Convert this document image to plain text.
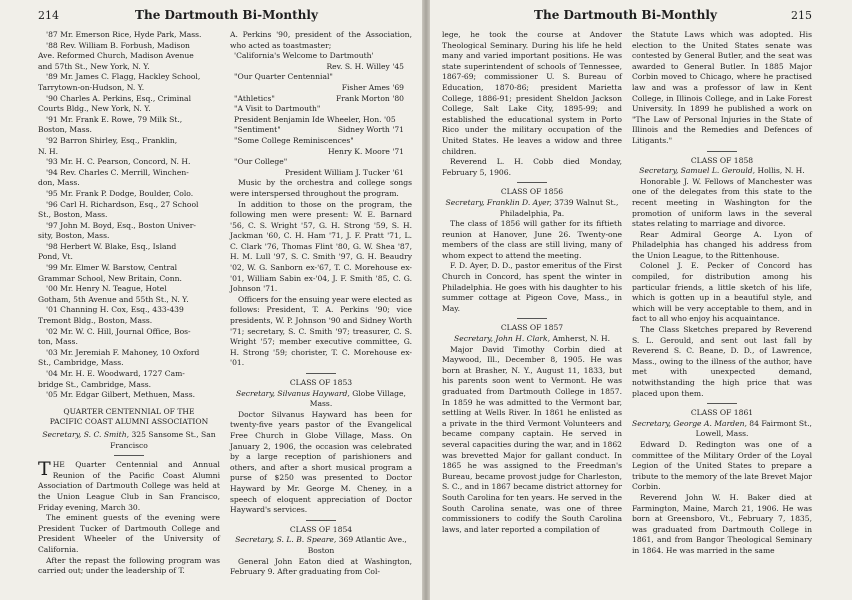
214	The Dartmouth Bi-Monthly
'87 Mr. Emerson Rice, Hyde Park, Mass.
'88 Rev. William B. Forbush, Madison
Ave. Reformed Church, Madison Avenue
and 57th St., New York, N. Y.
'89 Mr. James C. Flagg, Hackley School,
Tarrytown-on-Hudson, N. Y.
'90 Charles A. Perkins, Esq., Criminal
Courts Bldg., New York, N. Y.
'91 Mr. Frank E. Rowe, 79 Milk St.,
Boston, Mass.
'92 Barron Shirley, Esq., Franklin,
N. H.
'93 Mr. H. C. Pearson, Concord, N. H.
'94 Rev. Charles C. Merrill, Winchen-
don, Mass.
'95 Mr. Frank P. Dodge, Boulder, Colo.
'96 Carl H. Richardson, Esq., 27 School
St., Boston, Mass.
'97 John M. Boyd, Esq., Boston Univer-
sity, Boston, Mass.
'98 Herbert W. Blake, Esq., Island
Pond, Vt.
'99 Mr. Elmer W. Barstow, Central
Grammar School, New Britain, Conn.
'00 Mr. Henry N. Teague, Hotel
Gotham, 5th Avenue and 55th St., N. Y.
'01 Channing H. Cox, Esq., 433-439
Tremont Bldg., Boston, Mass.
'02 Mr. W. C. Hill, Journal Office, Bos-
ton, Mass.
'03 Mr. Jeremiah F. Mahoney, 10 Oxford
St., Cambridge, Mass.
'04 Mr. H. E. Woodward, 1727 Cam-
bridge St., Cambridge, Mass.
'05 Mr. Edgar Gilbert, Methuen, Mass.
QUARTER CENTENNIAL OF THE
PACIFIC COAST ALUMNI ASSOCIATION
Secretary, S. C. Smith, 325 Sansome St., San Francisco

THE Quarter Centennial and Annual Reunion of the Pacific Coast Alumni Association of Dartmouth College was held at the Union League Club in San Francisco, Friday evening, March 30.

The eminent guests of the evening were President Tucker of Dartmouth College and President Wheeler of the University of California.

After the repast the following program was carried out; under the leadership of T.

A. Perkins '90, president of the Association, who acted as toastmaster;

'California's Welcome to Dartmouth'
Rev. S. H. Willey '45
"Our Quarter Centennial"
Fisher Ames '69
"Athletics"	Frank Morton '80
"A Visit to Dartmouth"
President Benjamin Ide Wheeler, Hon. '05
"Sentiment"	Sidney Worth '71
"Some College Reminiscences"
Henry K. Moore '71
"Our College"
President William J. Tucker '61

Music by the orchestra and college songs were interspersed throughout the program.

In addition to those on the program, the following men were present: W. E. Barnard '56, C. S. Wright '57, G. H. Strong '59, S. H. Jackman '60, C. H. Ham '71, J. F. Pratt '71, L. C. Clark '76, Thomas Flint '80, G. W. Shea '87, H. M. Lull '97, S. C. Smith '97, G. H. Beaudry '02, W. G. Sanborn ex-'67, T. C. Morehouse ex-'01, William Sabin ex-'04, J. F. Smith '85, C. G. Johnson '71.

Officers for the ensuing year were elected as follows: President, T. A. Perkins '90; vice presidents, W. P. Johnson '90 and Sidney Worth '71; secretary, S. C. Smith '97; treasurer, C. S. Wright '57; member executive committee, G. H. Strong '59; chorister, T. C. Morehouse ex-'01.

CLASS OF 1853
Secretary, Silvanus Hayward, Globe Village, Mass.

Doctor Silvanus Hayward has been for twenty-five years pastor of the Evangelical Free Church in Globe Village, Mass. On January 2, 1906, the occasion was celebrated by a large reception of parishioners and others, and after a short musical program a purse of $250 was presented to Doctor Hayward by Mr. George M. Cheney, in a speech of eloquent appreciation of Doctor Hayward's services.

CLASS OF 1854
Secretary, S. L. B. Speare, 369 Atlantic Ave., Boston

General John Eaton died at Washington, February 9. After graduating from Col-

The Dartmouth Bi-Monthly	215

lege, he took the course at Andover Theological Seminary. During his life he held many and varied important positions. He was state superintendent of schools of Tennessee, 1867-69; commissioner U. S. Bureau of Education, 1870-86; president Marietta College, 1886-91; president Sheldon Jackson College, Salt Lake City, 1895-99; and established the educational system in Porto Rico under the military occupation of the United States. He leaves a widow and three children.

Reverend L. H. Cobb died Monday, February 5, 1906.

CLASS OF 1856
Secretary, Franklin D. Ayer, 3739 Walnut St., Philadelphia, Pa.

The class of 1856 will gather for its fiftieth reunion at Hanover, June 26. Twenty-one members of the class are still living, many of whom expect to attend the meeting.

F. D. Ayer, D. D., pastor emeritus of the First Church in Concord, has spent the winter in Philadelphia. He goes with his daughter to his summer cottage at Pigeon Cove, Mass., in May.

CLASS OF 1857
Secretary, John H. Clark, Amherst, N. H.

Major David Timothy Corbin died at Maywood, Ill., December 8, 1905. He was born at Brasher, N. Y., August 11, 1833, but his parents soon went to Vermont. He was graduated from Dartmouth College in 1857. In 1859 he was admitted to the Vermont bar, settling at Wells River. In 1861 he enlisted as a private in the third Vermont Volunteers and became company captain. He served in several capacities during the war, and in 1862 was brevetted Major for gallant conduct. In 1865 he was assigned to the Freedman's Bureau, became provost judge for Charleston, S. C., and in 1867 became district attorney for South Carolina for ten years. He served in the South Carolina senate, was one of three commissioners to codify the South Carolina laws, and later reported a compilation of

the Statute Laws which was adopted. His election to the United States senate was contested by General Butler, and the seat was awarded to General Butler. In 1885 Major Corbin moved to Chicago, where he practised law and was a professor of law in Kent College, in Illinois College, and in Lake Forest University. In 1899 he published a work on "The Law of Personal Injuries in the State of Illinois and the Remedies and Defences of Litigants."

CLASS OF 1858
Secretary, Samuel L. Gerould, Hollis, N. H.

Honorable J. W. Fellows of Manchester was one of the delegates from this state to the recent meeting in Washington for the promotion of uniform laws in the several states relating to marriage and divorce.

Rear Admiral George A. Lyon of Philadelphia has changed his address from the Union League, to the Rittenhouse.

Colonel J. E. Pecker of Concord has compiled, for distribution among his particular friends, a little sketch of his life, which is gotten up in a beautiful style, and which will be very acceptable to them, and in fact to all who enjoy his acquaintance.

The Class Sketches prepared by Reverend S. L. Gerould, and sent out last fall by Reverend S. C. Beane, D. D., of Lawrence, Mass., owing to the illness of the author, have met with unexpected demand, notwithstanding the high price that was placed upon them.

CLASS OF 1861
Secretary, George A. Marden, 84 Fairmont St., Lowell, Mass.

Edward D. Redington was one of a committee of the Military Order of the Loyal Legion of the United States to prepare a tribute to the memory of the late Brevet Major Corbin.

Reverend John W. H. Baker died at Farmington, Maine, March 21, 1906. He was born at Greensboro, Vt., February 7, 1835, was graduated from Dartmouth College in 1861, and from Bangor Theological Seminary in 1864. He was married in the same
